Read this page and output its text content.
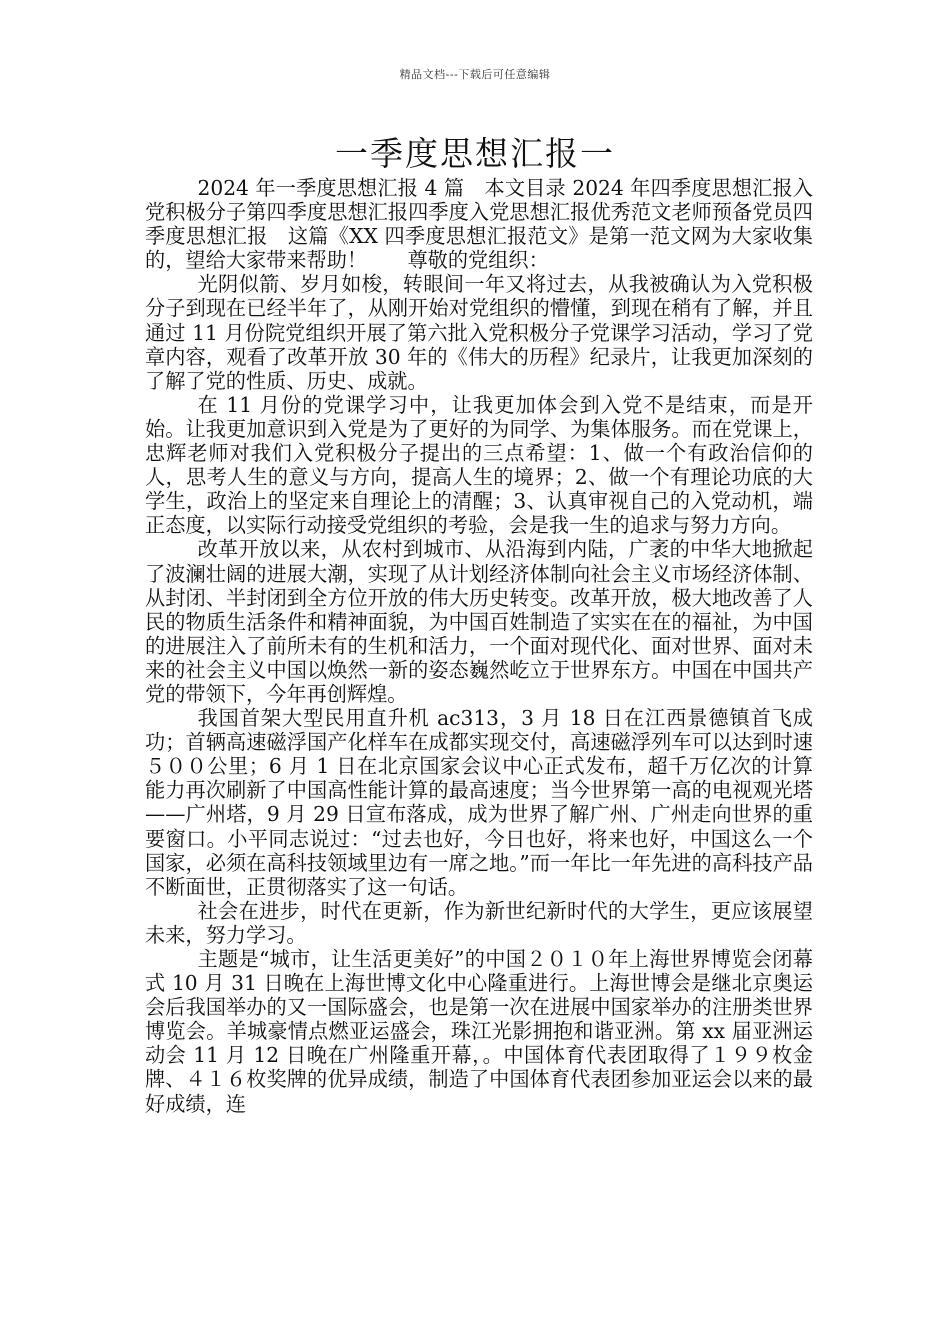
精品文档---下载后可任意编辑
一季度思想汇报一

2024 年一季度思想汇报 4 篇　本文目录 2024 年四季度思想汇报入党积极分子第四季度思想汇报四季度入党思想汇报优秀范文老师预备党员四季度思想汇报　这篇《XX 四季度思想汇报范文》是第一范文网为大家收集的，望给大家带来帮助！　　尊敬的党组织：

光阴似箭、岁月如梭，转眼间一年又将过去，从我被确认为入党积极分子到现在已经半年了，从刚开始对党组织的懵懂，到现在稍有了解，并且通过 11 月份院党组织开展了第六批入党积极分子党课学习活动，学习了党章内容，观看了改革开放 30 年的《伟大的历程》纪录片，让我更加深刻的了解了党的性质、历史、成就。

在 11 月份的党课学习中，让我更加体会到入党不是结束，而是开始。让我更加意识到入党是为了更好的为同学、为集体服务。而在党课上，忠辉老师对我们入党积极分子提出的三点希望：1、做一个有政治信仰的人，思考人生的意义与方向，提高人生的境界；2、做一个有理论功底的大学生，政治上的坚定来自理论上的清醒；3、认真审视自己的入党动机，端正态度，以实际行动接受党组织的考验，会是我一生的追求与努力方向。

改革开放以来，从农村到城市、从沿海到内陆，广袤的中华大地掀起了波澜壮阔的进展大潮，实现了从计划经济体制向社会主义市场经济体制、从封闭、半封闭到全方位开放的伟大历史转变。改革开放，极大地改善了人民的物质生活条件和精神面貌，为中国百姓制造了实实在在的福祉，为中国的进展注入了前所未有的生机和活力，一个面对现代化、面对世界、面对未来的社会主义中国以焕然一新的姿态巍然屹立于世界东方。中国在中国共产党的带领下，今年再创辉煌。

我国首架大型民用直升机 ac313，3 月 18 日在江西景德镇首飞成功；首辆高速磁浮国产化样车在成都实现交付，高速磁浮列车可以达到时速５００公里；6 月 1 日在北京国家会议中心正式发布，超千万亿次的计算能力再次刷新了中国高性能计算的最高速度；当今世界第一高的电视观光塔——广州塔，9 月 29 日宣布落成，成为世界了解广州、广州走向世界的重要窗口。小平同志说过：“过去也好，今日也好，将来也好，中国这么一个国家，必须在高科技领域里边有一席之地。”而一年比一年先进的高科技产品不断面世，正贯彻落实了这一句话。

社会在进步，时代在更新，作为新世纪新时代的大学生，更应该展望未来，努力学习。

主题是“城市，让生活更美好”的中国２０１０年上海世界博览会闭幕式 10 月 31 日晚在上海世博文化中心隆重进行。上海世博会是继北京奥运会后我国举办的又一国际盛会，也是第一次在进展中国家举办的注册类世界博览会。羊城豪情点燃亚运盛会，珠江光影拥抱和谐亚洲。第 xx 届亚洲运动会 11 月 12 日晚在广州隆重开幕，。中国体育代表团取得了１９９枚金牌、４１６枚奖牌的优异成绩，制造了中国体育代表团参加亚运会以来的最好成绩，连
